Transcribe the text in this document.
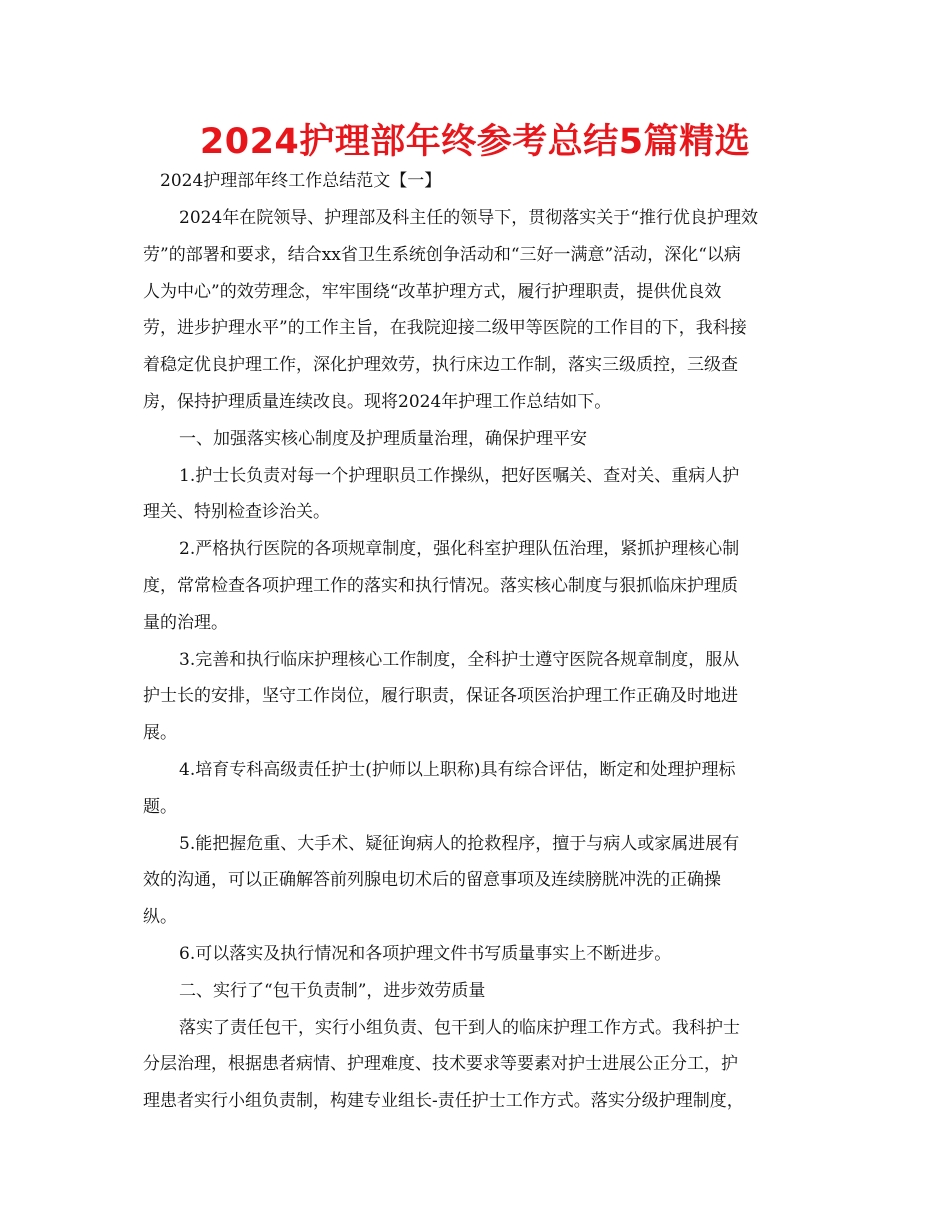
2024护理部年终参考总结5篇精选
2024护理部年终工作总结范文【一】
2024年在院领导、护理部及科主任的领导下，贯彻落实关于“推行优良护理效
劳”的部署和要求，结合xx省卫生系统创争活动和“三好一满意”活动，深化“以病
人为中心”的效劳理念，牢牢围绕“改革护理方式，履行护理职责，提供优良效
劳，进步护理水平”的工作主旨，在我院迎接二级甲等医院的工作目的下，我科接
着稳定优良护理工作，深化护理效劳，执行床边工作制，落实三级质控，三级查
房，保持护理质量连续改良。现将2024年护理工作总结如下。
一、加强落实核心制度及护理质量治理，确保护理平安
1.护士长负责对每一个护理职员工作操纵，把好医嘱关、查对关、重病人护
理关、特别检查诊治关。
2.严格执行医院的各项规章制度，强化科室护理队伍治理，紧抓护理核心制
度，常常检查各项护理工作的落实和执行情况。落实核心制度与狠抓临床护理质
量的治理。
3.完善和执行临床护理核心工作制度，全科护士遵守医院各规章制度，服从
护士长的安排，坚守工作岗位，履行职责，保证各项医治护理工作正确及时地进
展。
4.培育专科高级责任护士(护师以上职称)具有综合评估，断定和处理护理标
题。
5.能把握危重、大手术、疑征询病人的抢救程序，擅于与病人或家属进展有
效的沟通，可以正确解答前列腺电切术后的留意事项及连续膀胱冲洗的正确操
纵。
6.可以落实及执行情况和各项护理文件书写质量事实上不断进步。
二、实行了“包干负责制”，进步效劳质量
落实了责任包干，实行小组负责、包干到人的临床护理工作方式。我科护士
分层治理，根据患者病情、护理难度、技术要求等要素对护士进展公正分工，护
理患者实行小组负责制，构建专业组长-责任护士工作方式。落实分级护理制度，
